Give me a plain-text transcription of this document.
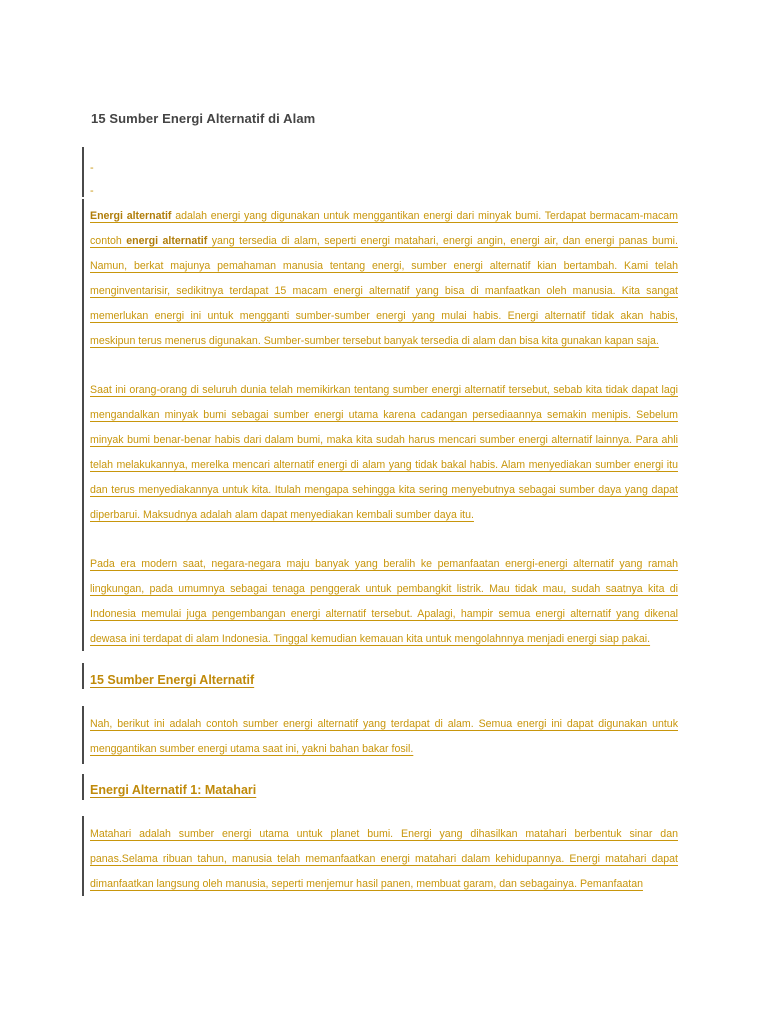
15 Sumber Energi Alternatif di Alam
-
-

Energi alternatif adalah energi yang digunakan untuk menggantikan energi dari minyak bumi. Terdapat bermacam-macam contoh energi alternatif yang tersedia di alam, seperti energi matahari, energi angin, energi air, dan energi panas bumi. Namun, berkat majunya pemahaman manusia tentang energi, sumber energi alternatif kian bertambah. Kami telah menginventarisir, sedikitnya terdapat 15 macam energi alternatif yang bisa di manfaatkan oleh manusia. Kita sangat memerlukan energi ini untuk mengganti sumber-sumber energi yang mulai habis. Energi alternatif tidak akan habis, meskipun terus menerus digunakan. Sumber-sumber tersebut banyak tersedia di alam dan bisa kita gunakan kapan saja.

Saat ini orang-orang di seluruh dunia telah memikirkan tentang sumber energi alternatif tersebut, sebab kita tidak dapat lagi mengandalkan minyak bumi sebagai sumber energi utama karena cadangan persediaannya semakin menipis. Sebelum minyak bumi benar-benar habis dari dalam bumi, maka kita sudah harus mencari sumber energi alternatif lainnya. Para ahli telah melakukannya, merelka mencari alternatif energi di alam yang tidak bakal habis. Alam menyediakan sumber energi itu dan terus menyediakannya untuk kita. Itulah mengapa sehingga kita sering menyebutnya sebagai sumber daya yang dapat diperbarui. Maksudnya adalah alam dapat menyediakan kembali sumber daya itu.

Pada era modern saat, negara-negara maju banyak yang beralih ke pemanfaatan energi-energi alternatif yang ramah lingkungan, pada umumnya sebagai tenaga penggerak untuk pembangkit listrik. Mau tidak mau, sudah saatnya kita di Indonesia memulai juga pengembangan energi alternatif tersebut. Apalagi, hampir semua energi alternatif yang dikenal dewasa ini terdapat di alam Indonesia. Tinggal kemudian kemauan kita untuk mengolahnnya menjadi energi siap pakai.

15 Sumber Energi Alternatif

Nah, berikut ini adalah contoh sumber energi alternatif yang terdapat di alam. Semua energi ini dapat digunakan untuk menggantikan sumber energi utama saat ini, yakni bahan bakar fosil.

Energi Alternatif 1: Matahari

Matahari adalah sumber energi utama untuk planet bumi. Energi yang dihasilkan matahari berbentuk sinar dan panas.Selama ribuan tahun, manusia telah memanfaatkan energi matahari dalam kehidupannya. Energi matahari dapat dimanfaatkan langsung oleh manusia, seperti menjemur hasil panen, membuat garam, dan sebagainya. Pemanfaatan
